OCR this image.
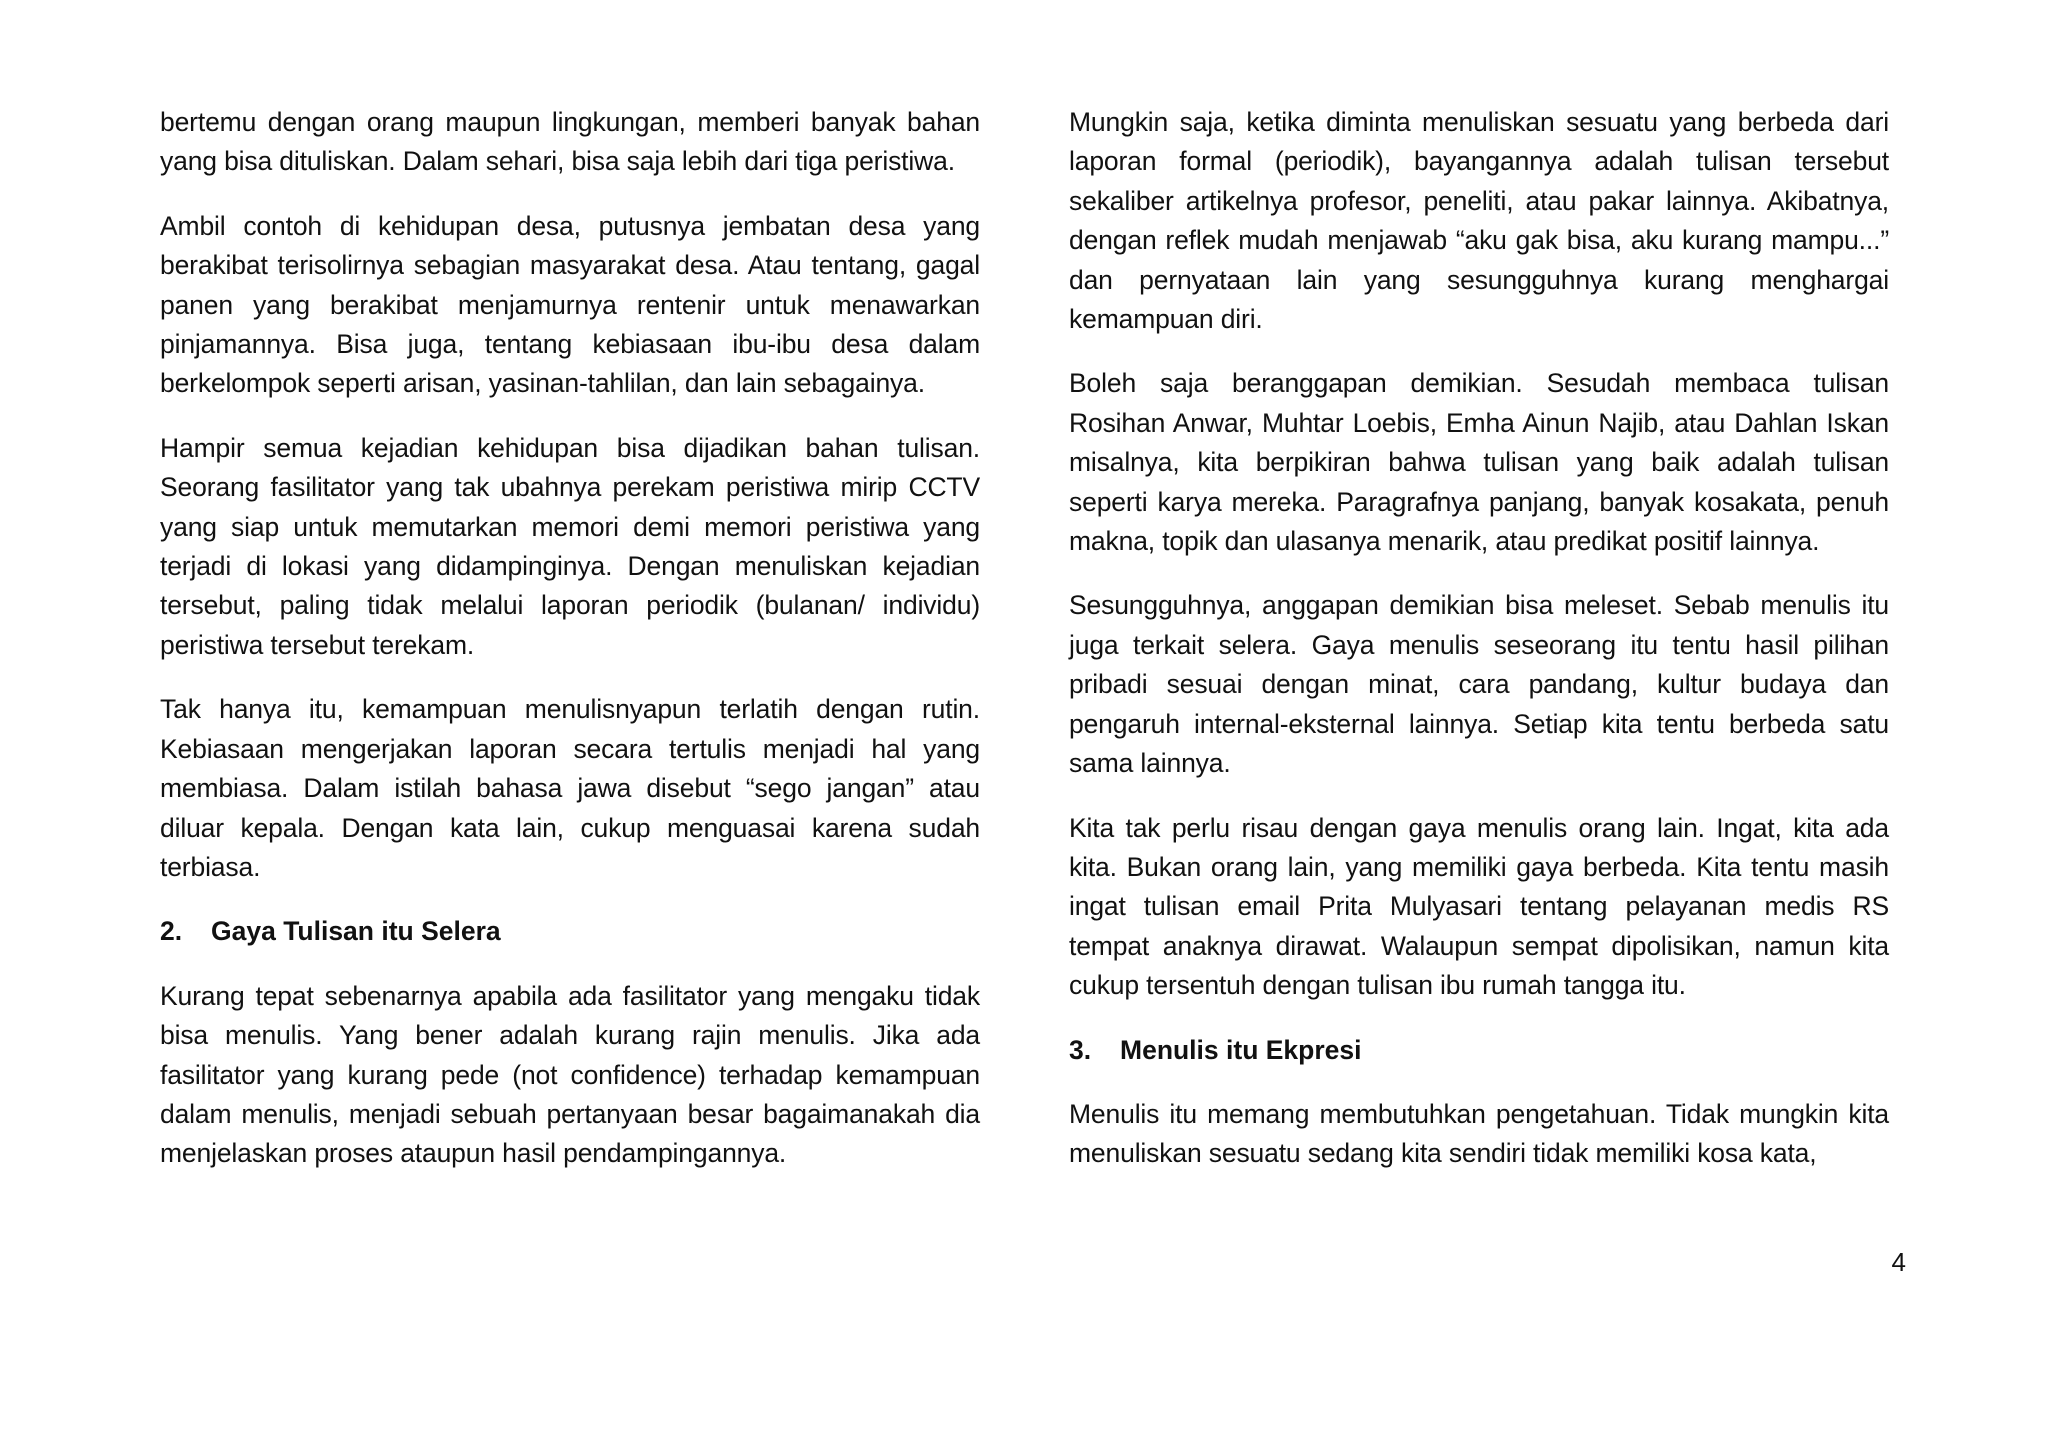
bertemu dengan orang maupun lingkungan, memberi banyak bahan yang bisa dituliskan. Dalam sehari, bisa saja lebih dari tiga peristiwa.

Ambil contoh di kehidupan desa, putusnya jembatan desa yang berakibat terisolirnya sebagian masyarakat desa. Atau tentang, gagal panen yang berakibat menjamurnya rentenir untuk menawarkan pinjamannya. Bisa juga, tentang kebiasaan ibu-ibu desa dalam berkelompok seperti arisan, yasinan-tahlilan, dan lain sebagainya.

Hampir semua kejadian kehidupan bisa dijadikan bahan tulisan. Seorang fasilitator yang tak ubahnya perekam peristiwa mirip CCTV yang siap untuk memutarkan memori demi memori peristiwa yang terjadi di lokasi yang didampinginya. Dengan menuliskan kejadian tersebut, paling tidak melalui laporan periodik (bulanan/ individu) peristiwa tersebut terekam.

Tak hanya itu, kemampuan menulisnyapun terlatih dengan rutin. Kebiasaan mengerjakan laporan secara tertulis menjadi hal yang membiasa. Dalam istilah bahasa jawa disebut “sego jangan” atau diluar kepala. Dengan kata lain, cukup menguasai karena sudah terbiasa.

2.	Gaya Tulisan itu Selera

Kurang tepat sebenarnya apabila ada fasilitator yang mengaku tidak bisa menulis. Yang bener adalah kurang rajin menulis. Jika ada fasilitator yang kurang pede (not confidence) terhadap kemampuan dalam menulis, menjadi sebuah pertanyaan besar bagaimanakah dia menjelaskan proses ataupun hasil pendampingannya.

Mungkin saja, ketika diminta menuliskan sesuatu yang berbeda dari laporan formal (periodik), bayangannya adalah tulisan tersebut sekaliber artikelnya profesor, peneliti, atau pakar lainnya. Akibatnya, dengan reflek mudah menjawab “aku gak bisa, aku kurang mampu...” dan pernyataan lain yang sesungguhnya kurang menghargai kemampuan diri.

Boleh saja beranggapan demikian. Sesudah membaca tulisan Rosihan Anwar, Muhtar Loebis, Emha Ainun Najib, atau Dahlan Iskan misalnya, kita berpikiran bahwa tulisan yang baik adalah tulisan seperti karya mereka. Paragrafnya panjang, banyak kosakata, penuh makna, topik dan ulasanya menarik, atau predikat positif lainnya.

Sesungguhnya, anggapan demikian bisa meleset. Sebab menulis itu juga terkait selera. Gaya menulis seseorang itu tentu hasil pilihan pribadi sesuai dengan minat, cara pandang, kultur budaya dan pengaruh internal-eksternal lainnya. Setiap kita tentu berbeda satu sama lainnya.

Kita tak perlu risau dengan gaya menulis orang lain. Ingat, kita ada kita. Bukan orang lain, yang memiliki gaya berbeda. Kita tentu masih ingat tulisan email Prita Mulyasari tentang pelayanan medis RS tempat anaknya dirawat. Walaupun sempat dipolisikan, namun kita cukup tersentuh dengan tulisan ibu rumah tangga itu.

3.	Menulis itu Ekpresi

Menulis itu memang membutuhkan pengetahuan. Tidak mungkin kita menuliskan sesuatu sedang kita sendiri tidak memiliki kosa kata,

4
